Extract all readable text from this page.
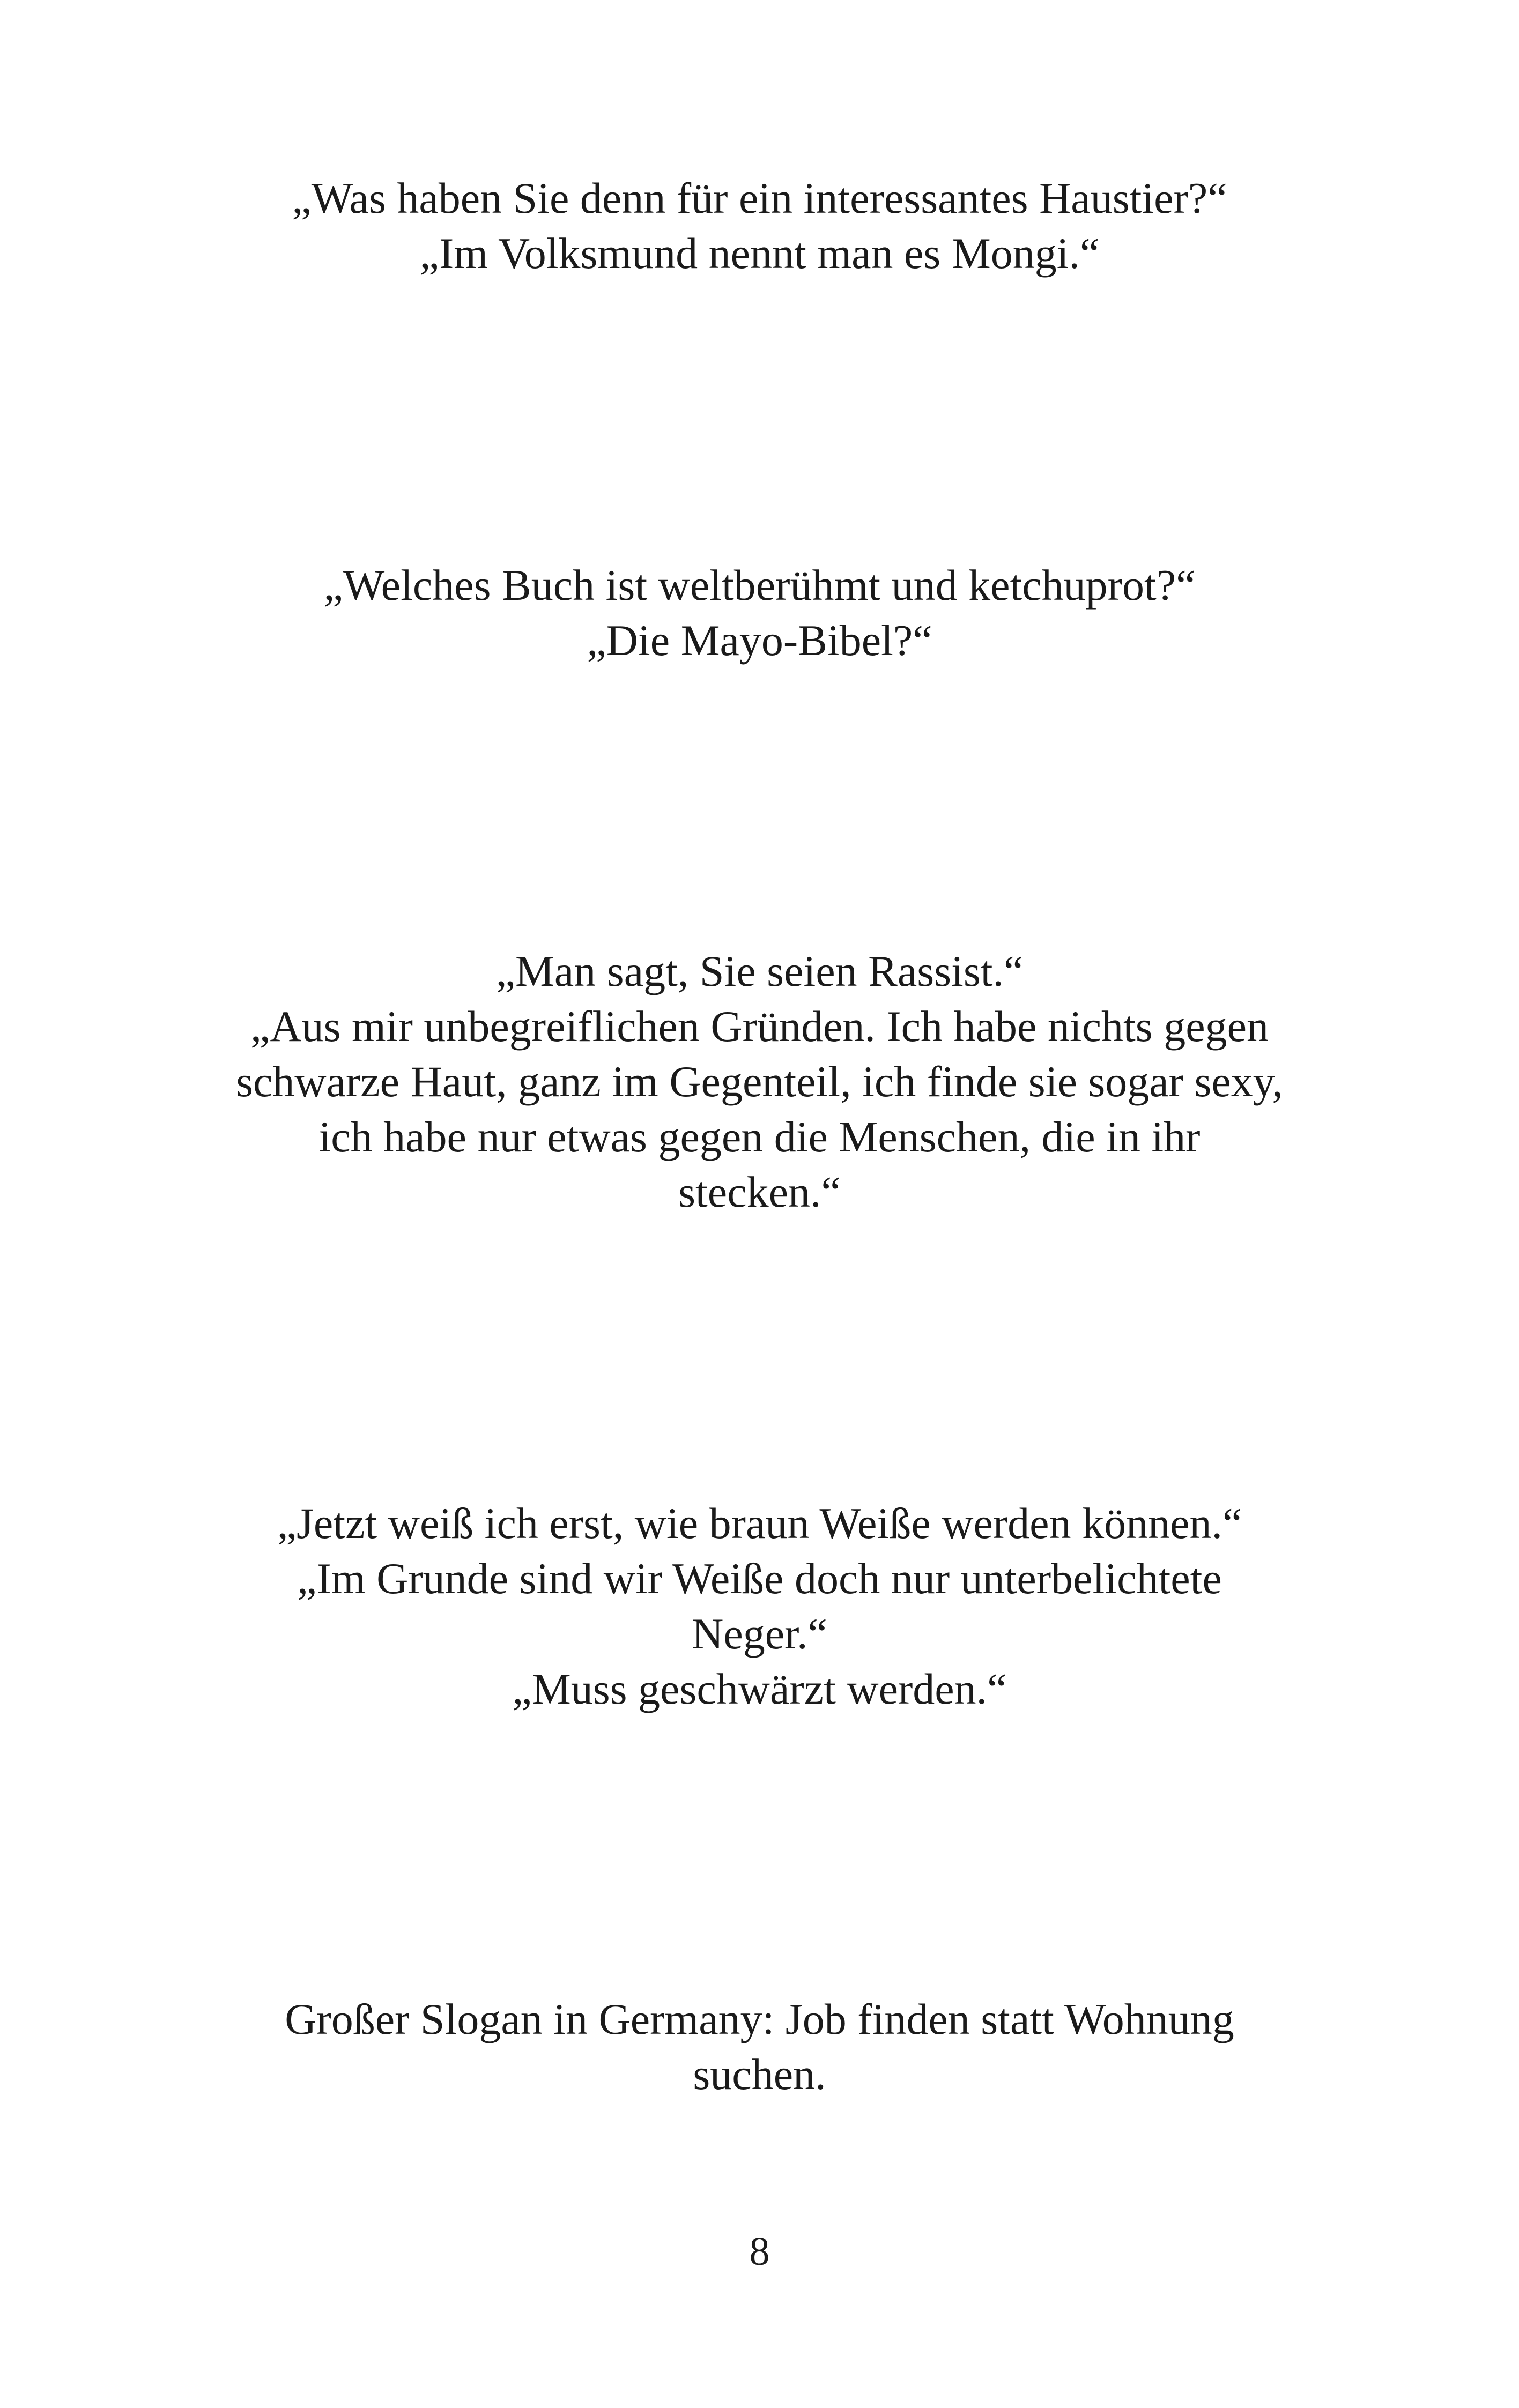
„Was haben Sie denn für ein interessantes Haustier?“
„Im Volksmund nennt man es Mongi.“
„Welches Buch ist weltberühmt und ketchuprot?“
„Die Mayo-Bibel?“
„Man sagt, Sie seien Rassist.“
„Aus mir unbegreiflichen Gründen. Ich habe nichts gegen
schwarze Haut, ganz im Gegenteil, ich finde sie sogar sexy,
ich habe nur etwas gegen die Menschen, die in ihr
stecken.“
„Jetzt weiß ich erst, wie braun Weiße werden können.“
„Im Grunde sind wir Weiße doch nur unterbelichtete
Neger.“
„Muss geschwärzt werden.“
Großer Slogan in Germany: Job finden statt Wohnung
suchen.
8
